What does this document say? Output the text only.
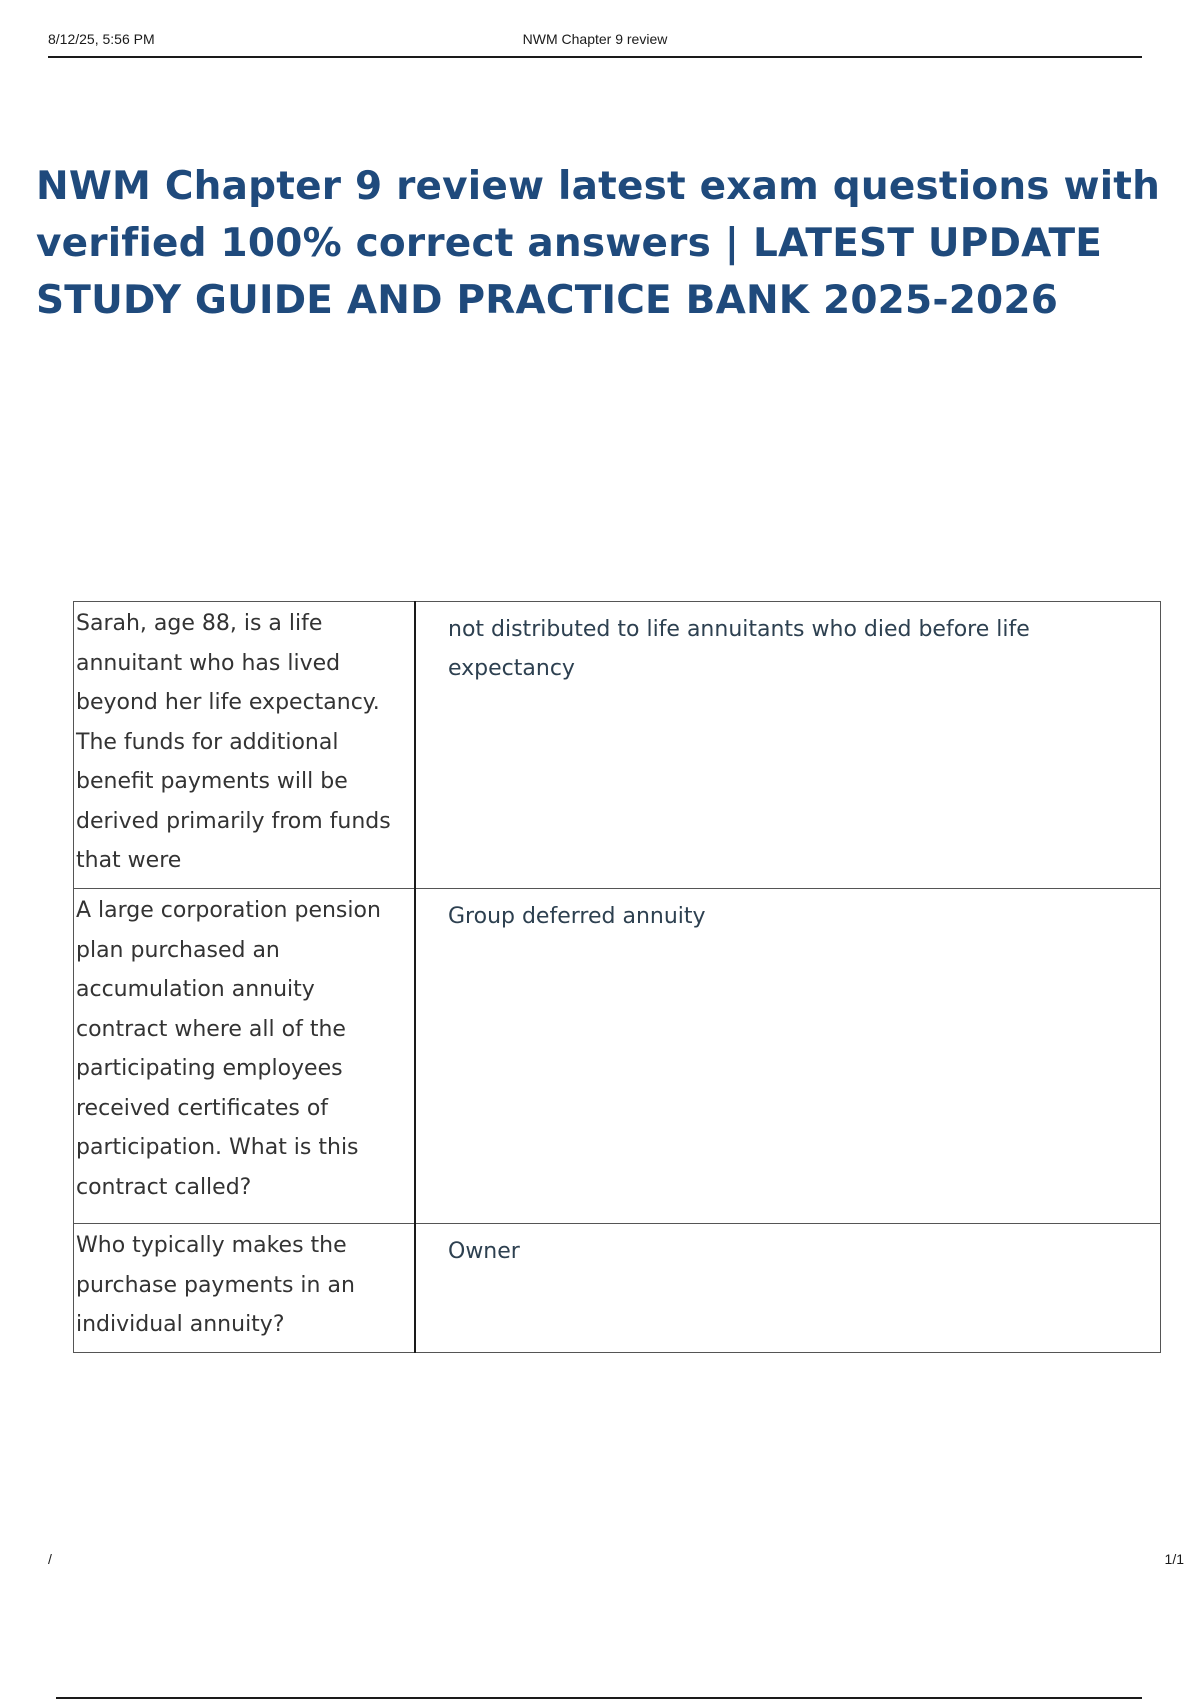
8/12/25, 5:56 PM	NWM Chapter 9 review
NWM Chapter 9 review latest exam questions with verified 100% correct answers | LATEST UPDATE STUDY GUIDE AND PRACTICE BANK 2025-2026
Sarah, age 88, is a life annuitant who has lived beyond her life expectancy. The funds for additional benefit payments will be derived primarily from funds that were	not distributed to life annuitants who died before life expectancy
A large corporation pension plan purchased an accumulation annuity contract where all of the participating employees received certificates of participation. What is this contract called?	Group deferred annuity
Who typically makes the purchase payments in an individual annuity?	Owner
/	1/1
